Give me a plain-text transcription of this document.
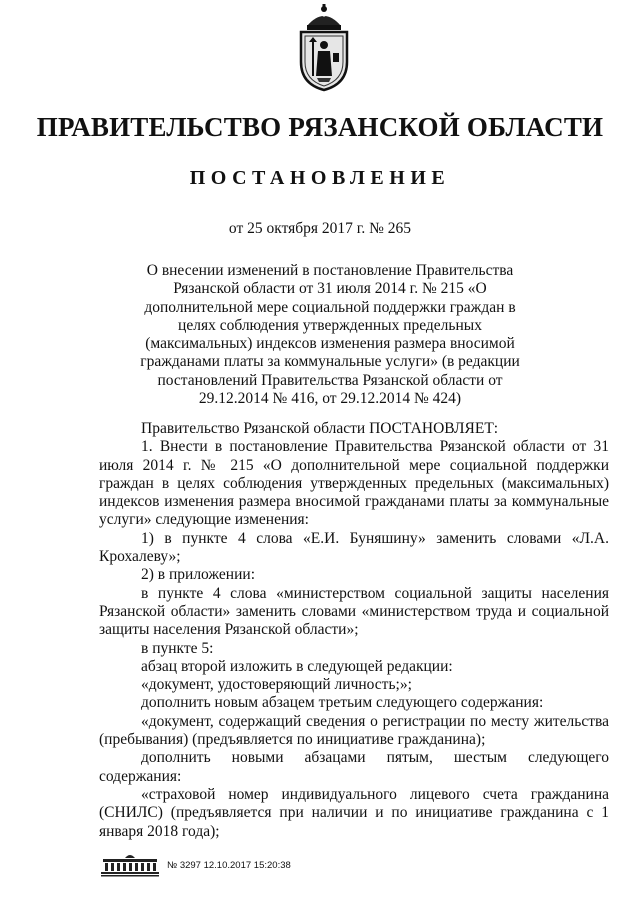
ПРАВИТЕЛЬСТВО РЯЗАНСКОЙ ОБЛАСТИ
ПОСТАНОВЛЕНИЕ

от 25 октября 2017 г. № 265

О внесении изменений в постановление Правительства Рязанской области от 31 июля 2014 г. № 215 «О дополнительной мере социальной поддержки граждан в целях соблюдения утвержденных предельных (максимальных) индексов изменения размера вносимой гражданами платы за коммунальные услуги» (в редакции постановлений Правительства Рязанской области от 29.12.2014 № 416, от 29.12.2014 № 424)

Правительство Рязанской области ПОСТАНОВЛЯЕТ:

1. Внести в постановление Правительства Рязанской области от 31 июля 2014 г. № 215 «О дополнительной мере социальной поддержки граждан в целях соблюдения утвержденных предельных (максимальных) индексов изменения размера вносимой гражданами платы за коммунальные услуги» следующие изменения:

1) в пункте 4 слова «Е.И. Буняшину» заменить словами «Л.А. Крохалеву»;

2) в приложении:

в пункте 4 слова «министерством социальной защиты населения Рязанской области» заменить словами «министерством труда и социальной защиты населения Рязанской области»;

в пункте 5:

абзац второй изложить в следующей редакции:

«документ, удостоверяющий личность;»;

дополнить новым абзацем третьим следующего содержания:

«документ, содержащий сведения о регистрации по месту жительства (пребывания) (предъявляется по инициативе гражданина);

дополнить новыми абзацами пятым, шестым следующего содержания:

«страховой номер индивидуального лицевого счета гражданина (СНИЛС) (предъявляется при наличии и по инициативе гражданина с 1 января 2018 года);

№ 3297 12.10.2017 15:20:38
